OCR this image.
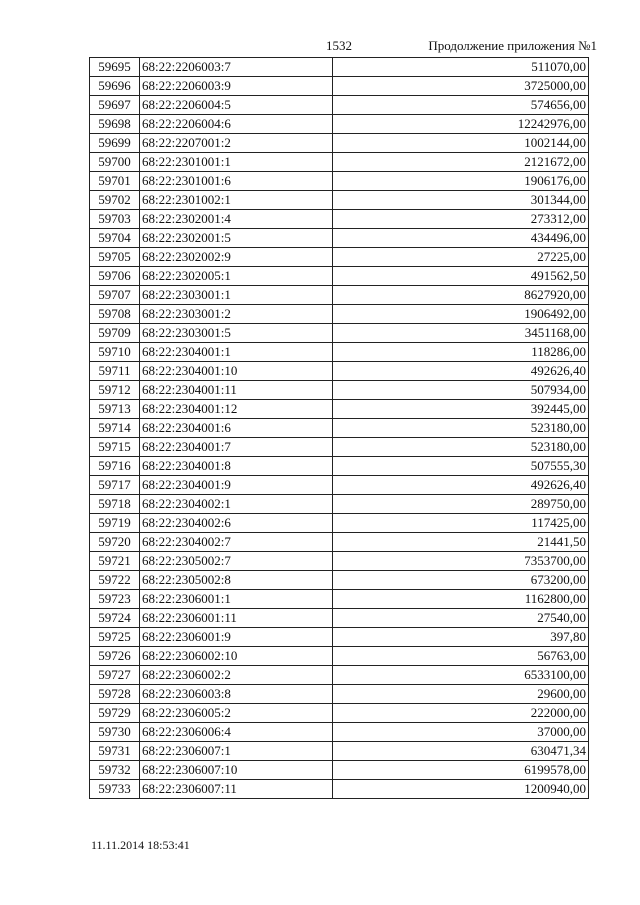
1532	Продолжение приложения №1
59695	68:22:2206003:7	511070,00
59696	68:22:2206003:9	3725000,00
59697	68:22:2206004:5	574656,00
59698	68:22:2206004:6	12242976,00
59699	68:22:2207001:2	1002144,00
59700	68:22:2301001:1	2121672,00
59701	68:22:2301001:6	1906176,00
59702	68:22:2301002:1	301344,00
59703	68:22:2302001:4	273312,00
59704	68:22:2302001:5	434496,00
59705	68:22:2302002:9	27225,00
59706	68:22:2302005:1	491562,50
59707	68:22:2303001:1	8627920,00
59708	68:22:2303001:2	1906492,00
59709	68:22:2303001:5	3451168,00
59710	68:22:2304001:1	118286,00
59711	68:22:2304001:10	492626,40
59712	68:22:2304001:11	507934,00
59713	68:22:2304001:12	392445,00
59714	68:22:2304001:6	523180,00
59715	68:22:2304001:7	523180,00
59716	68:22:2304001:8	507555,30
59717	68:22:2304001:9	492626,40
59718	68:22:2304002:1	289750,00
59719	68:22:2304002:6	117425,00
59720	68:22:2304002:7	21441,50
59721	68:22:2305002:7	7353700,00
59722	68:22:2305002:8	673200,00
59723	68:22:2306001:1	1162800,00
59724	68:22:2306001:11	27540,00
59725	68:22:2306001:9	397,80
59726	68:22:2306002:10	56763,00
59727	68:22:2306002:2	6533100,00
59728	68:22:2306003:8	29600,00
59729	68:22:2306005:2	222000,00
59730	68:22:2306006:4	37000,00
59731	68:22:2306007:1	630471,34
59732	68:22:2306007:10	6199578,00
59733	68:22:2306007:11	1200940,00
11.11.2014 18:53:41
